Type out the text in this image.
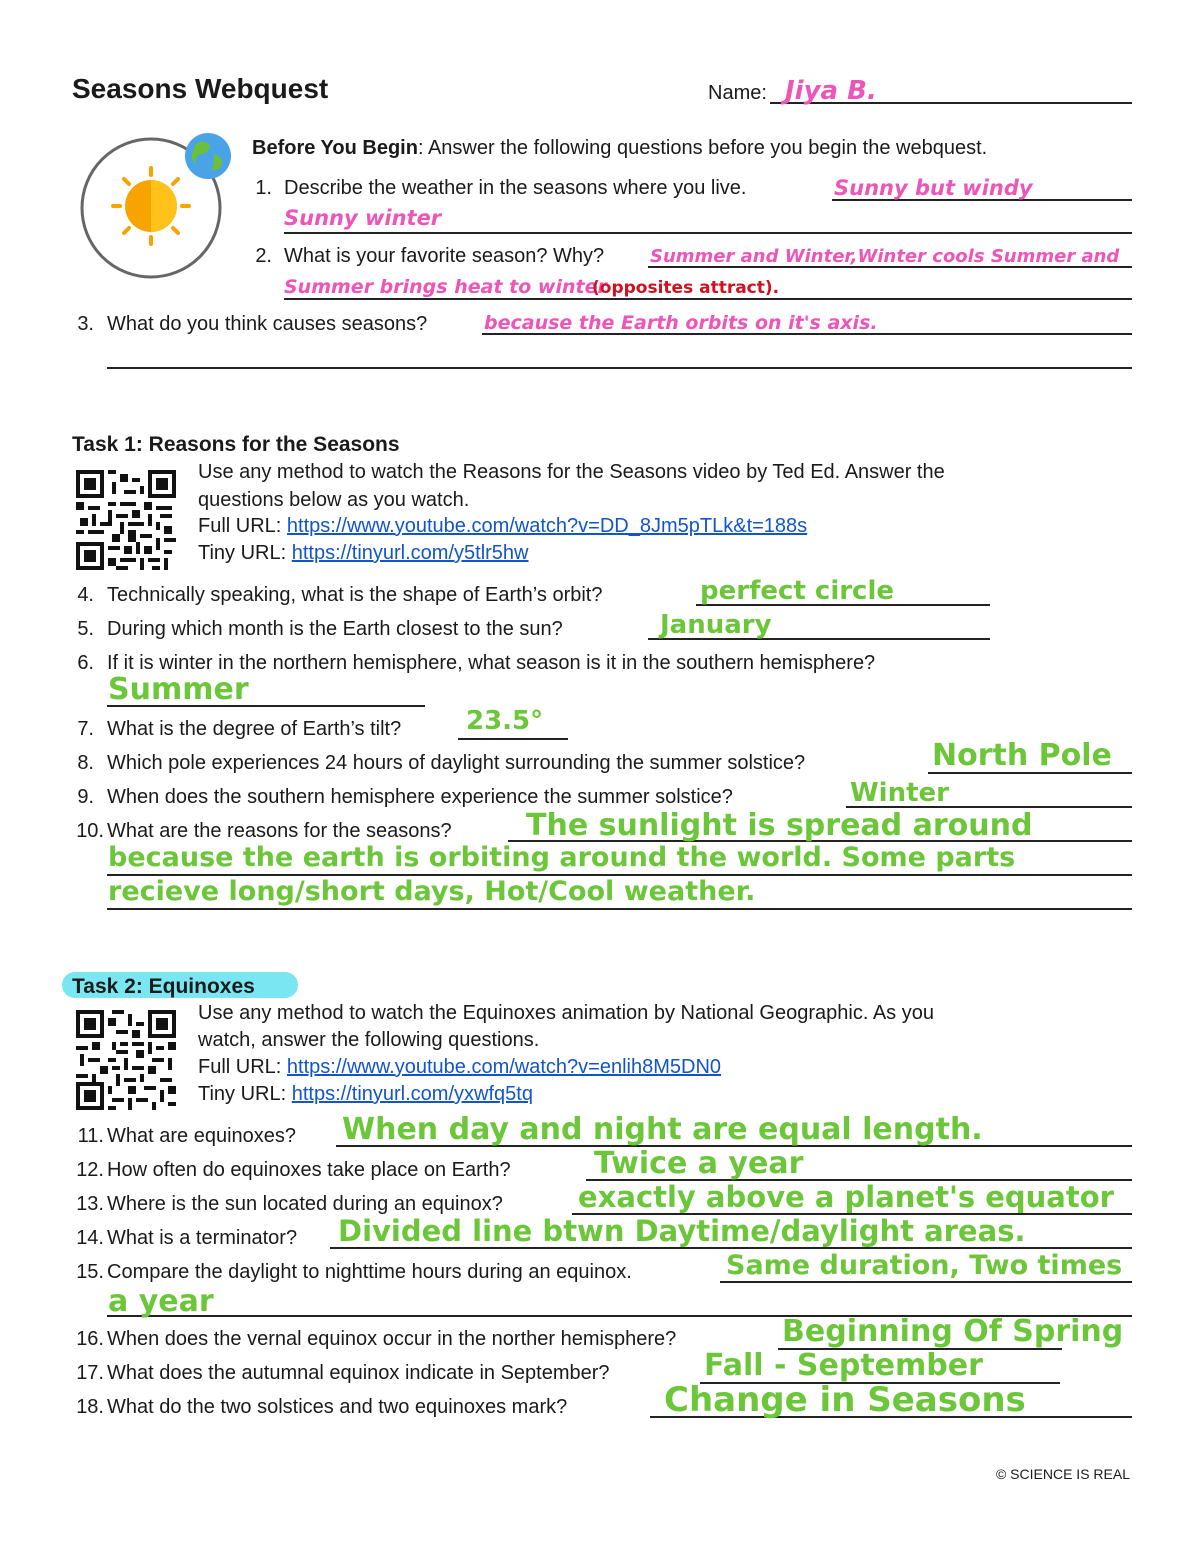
Seasons Webquest	Name: Jiya B.
Before You Begin: Answer the following questions before you begin the webquest.
1. Describe the weather in the seasons where you live.	Sunny but windy
Sunny winter
2. What is your favorite season? Why?	Summer and Winter,Winter cools Summer and
Summer brings heat to winter
(opposites attract).
3. What do you think causes seasons?	because the Earth orbits on it's axis.
Task 1: Reasons for the Seasons
Use any method to watch the Reasons for the Seasons video by Ted Ed. Answer the
questions below as you watch.
Full URL: https://www.youtube.com/watch?v=DD_8Jm5pTLk&t=188s
Tiny URL: https://tinyurl.com/y5tlr5hw
4. Technically speaking, what is the shape of Earth’s orbit?	perfect circle
5. During which month is the Earth closest to the sun?	January
6. If it is winter in the northern hemisphere, what season is it in the southern hemisphere?
Summer
7. What is the degree of Earth’s tilt? 23.5°
8. Which pole experiences 24 hours of daylight surrounding the summer solstice?	North Pole
9. When does the southern hemisphere experience the summer solstice?	Winter
10. What are the reasons for the seasons? The sunlight is spread around
because the earth is orbiting around the world. Some parts
recieve long/short days, Hot/Cool weather.
Task 2: Equinoxes
Use any method to watch the Equinoxes animation by National Geographic. As you
watch, answer the following questions.
Full URL: https://www.youtube.com/watch?v=enlih8M5DN0
Tiny URL: https://tinyurl.com/yxwfq5tq
11. What are equinoxes? When day and night are equal length.
12. How often do equinoxes take place on Earth?	Twice a year
13. Where is the sun located during an equinox?	exactly above a planet's equator
14. What is a terminator? Divided line btwn Daytime/daylight areas.
15. Compare the daylight to nighttime hours during an equinox.	Same duration, Two times
a year
16. When does the vernal equinox occur in the norther hemisphere?	Beginning Of Spring
17. What does the autumnal equinox indicate in September?	Fall - September
18. What do the two solstices and two equinoxes mark?	Change in Seasons
© SCIENCE IS REAL
